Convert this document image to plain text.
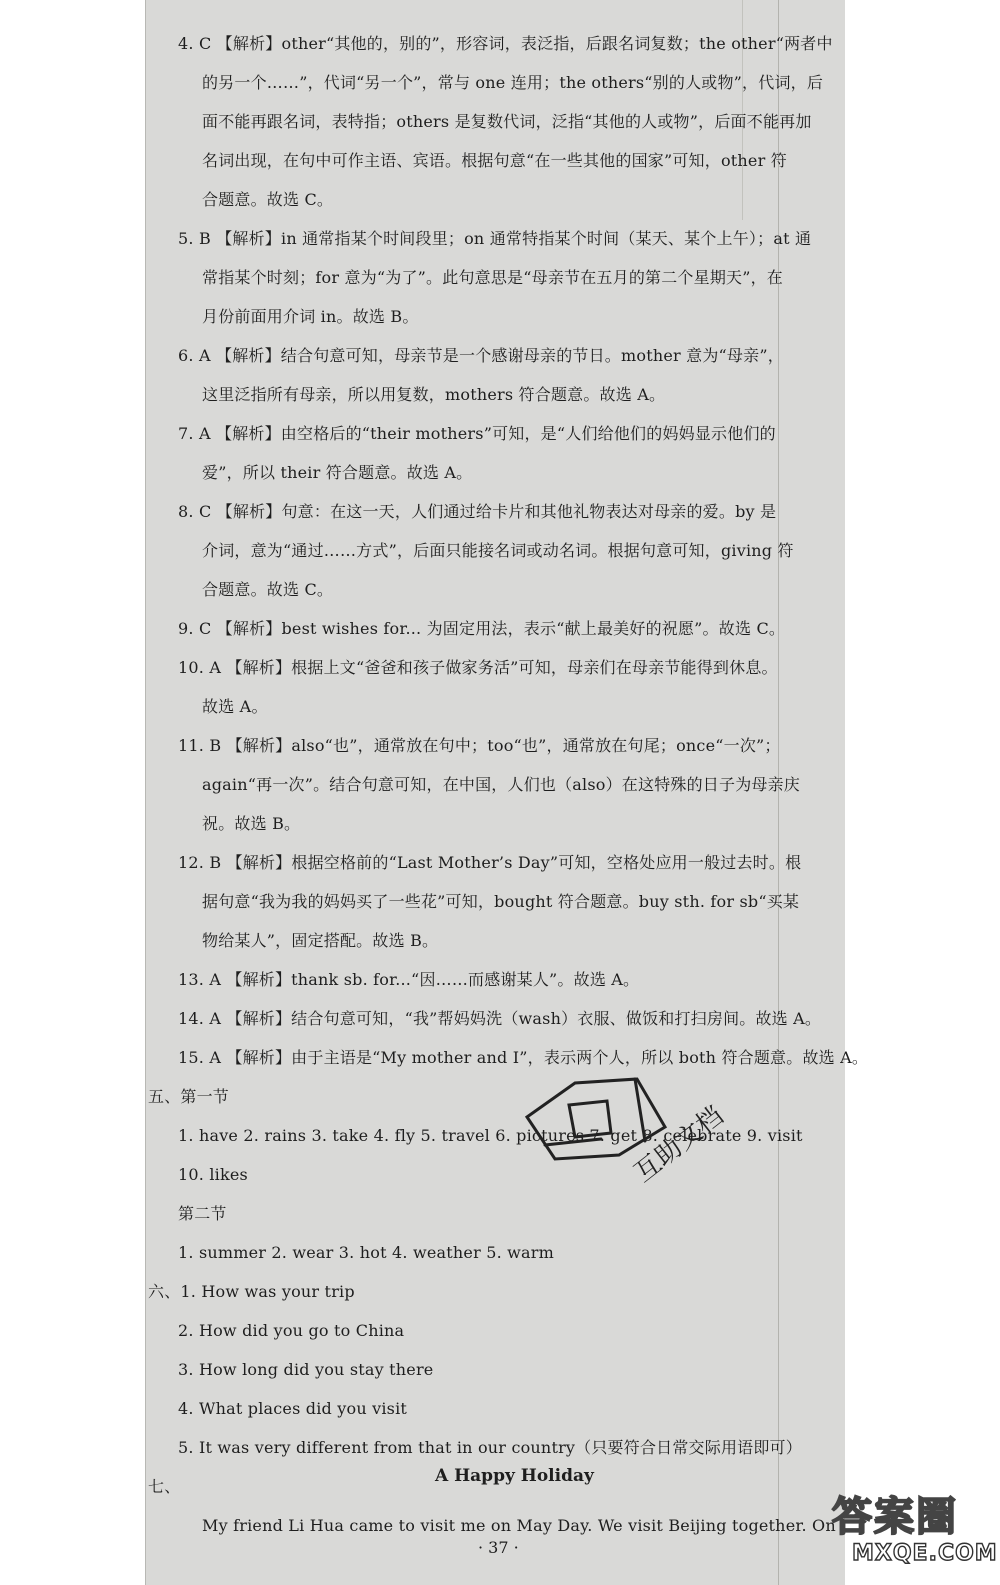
4. C 【解析】other“其他的，别的”，形容词，表泛指，后跟名词复数；the other“两者中
的另一个……”，代词“另一个”，常与 one 连用；the others“别的人或物”，代词，后
面不能再跟名词，表特指；others 是复数代词，泛指“其他的人或物”，后面不能再加
名词出现，在句中可作主语、宾语。根据句意“在一些其他的国家”可知，other 符
合题意。故选 C。
5. B 【解析】in 通常指某个时间段里；on 通常特指某个时间（某天、某个上午）；at 通
常指某个时刻；for 意为“为了”。此句意思是“母亲节在五月的第二个星期天”，在
月份前面用介词 in。故选 B。
6. A 【解析】结合句意可知，母亲节是一个感谢母亲的节日。mother 意为“母亲”，
这里泛指所有母亲，所以用复数，mothers 符合题意。故选 A。
7. A 【解析】由空格后的“their mothers”可知，是“人们给他们的妈妈显示他们的
爱”，所以 their 符合题意。故选 A。
8. C 【解析】句意：在这一天，人们通过给卡片和其他礼物表达对母亲的爱。by 是
介词，意为“通过……方式”，后面只能接名词或动名词。根据句意可知，giving 符
合题意。故选 C。
9. C 【解析】best wishes for... 为固定用法，表示“献上最美好的祝愿”。故选 C。
10. A 【解析】根据上文“爸爸和孩子做家务活”可知，母亲们在母亲节能得到休息。
故选 A。
11. B 【解析】also“也”，通常放在句中；too“也”，通常放在句尾；once“一次”；
again“再一次”。结合句意可知，在中国，人们也（also）在这特殊的日子为母亲庆
祝。故选 B。
12. B 【解析】根据空格前的“Last Mother’s Day”可知，空格处应用一般过去时。根
据句意“我为我的妈妈买了一些花”可知，bought 符合题意。buy sth. for sb“买某
物给某人”，固定搭配。故选 B。
13. A 【解析】thank sb. for...“因……而感谢某人”。故选 A。
14. A 【解析】结合句意可知，“我”帮妈妈洗（wash）衣服、做饭和打扫房间。故选 A。
15. A 【解析】由于主语是“My mother and I”，表示两个人，所以 both 符合题意。故选 A。
五、第一节
1. have 2. rains 3. take 4. fly 5. travel 6. pictures 7. get 8. celebrate 9. visit
10. likes
第二节
1. summer 2. wear 3. hot 4. weather 5. warm
六、1. How was your trip
2. How did you go to China
3. How long did you stay there
4. What places did you visit
5. It was very different from that in our country（只要符合日常交际用语即可）
七、
My friend Li Hua came to visit me on May Day. We visit Beijing together. On
A Happy Holiday
· 37 ·
互助文档
答案圈
MXQE.COM
